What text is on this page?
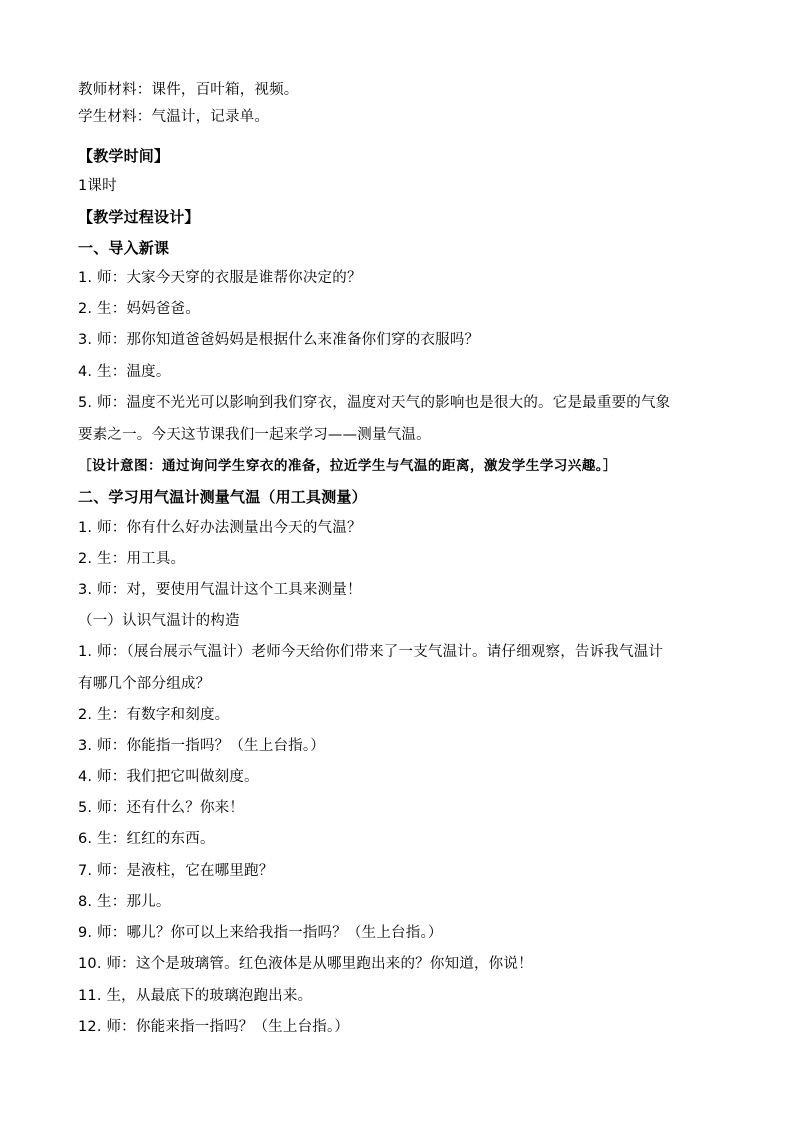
教师材料：课件，百叶箱，视频。
学生材料：气温计，记录单。
【教学时间】
1课时
【教学过程设计】
一、导入新课
1. 师：大家今天穿的衣服是谁帮你决定的？
2. 生：妈妈爸爸。
3. 师：那你知道爸爸妈妈是根据什么来准备你们穿的衣服吗？
4. 生：温度。
5. 师：温度不光光可以影响到我们穿衣，温度对天气的影响也是很大的。它是最重要的气象
要素之一。今天这节课我们一起来学习——测量气温。
［设计意图：通过询问学生穿衣的准备，拉近学生与气温的距离，激发学生学习兴趣。］
二、学习用气温计测量气温（用工具测量）
1. 师：你有什么好办法测量出今天的气温？
2. 生：用工具。
3. 师：对，要使用气温计这个工具来测量！
（一）认识气温计的构造
1. 师：（展台展示气温计）老师今天给你们带来了一支气温计。请仔细观察，告诉我气温计
有哪几个部分组成？
2. 生：有数字和刻度。
3. 师：你能指一指吗？（生上台指。）
4. 师：我们把它叫做刻度。
5. 师：还有什么？你来！
6. 生：红红的东西。
7. 师：是液柱，它在哪里跑？
8. 生：那儿。
9. 师：哪儿？你可以上来给我指一指吗？（生上台指。）
10. 师：这个是玻璃管。红色液体是从哪里跑出来的？你知道，你说！
11. 生，从最底下的玻璃泡跑出来。
12. 师：你能来指一指吗？（生上台指。）
